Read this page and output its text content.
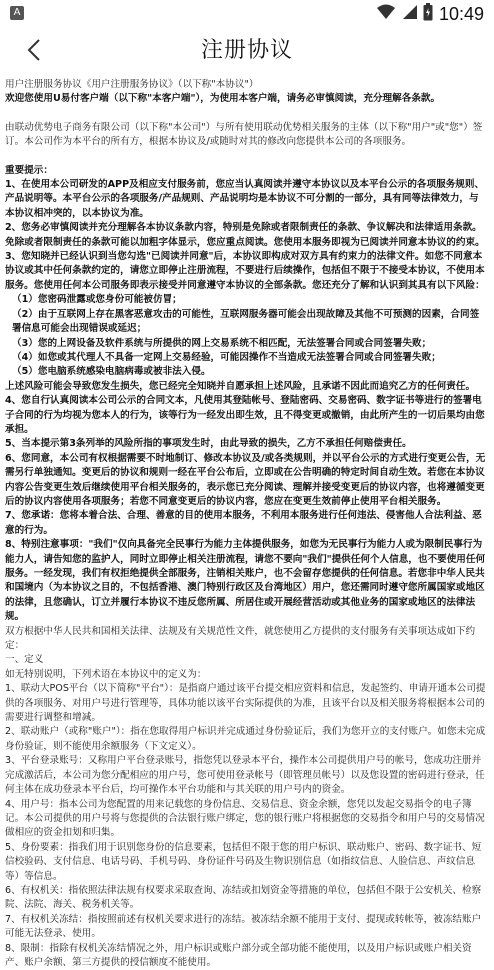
A	10:49
注册协议

用户注册服务协议《用户注册服务协议》（以下称"本协议"）

欢迎您使用U易付客户端（以下称"本客户端"），为使用本客户端，请务必审慎阅读，充分理解各条款。

由联动优势电子商务有限公司（以下称"本公司"）与所有使用联动优势相关服务的主体（以下称"用户"或"您"）签订。本公司作为本平台的所有方，根据本协议及/或随时对其的修改向您提供本公司的各项服务。

重要提示：

1、在使用本公司研发的APP及相应支付服务前，您应当认真阅读并遵守本协议以及本平台公示的各项服务规则、产品说明等。本平台公示的各项服务/产品规则、产品说明均是本协议不可分割的一部分，具有同等法律效力，与本协议相冲突的，以本协议为准。

2、您务必审慎阅读并充分理解各本协议条款内容，特别是免除或者限制责任的条款、争议解决和法律适用条款。免除或者限制责任的条款可能以加粗字体显示，您应重点阅读。您使用本服务即视为已阅读并同意本协议的约束。

3、您知晓并已经认识到当您勾选"已阅读并同意"后，本协议即构成对双方具有约束力的法律文件。如您不同意本协议或其中任何条款约定的，请您立即停止注册流程，不要进行后续操作，包括但不限于不接受本协议，不使用本服务。您使用任何本公司服务即表示接受并同意遵守本协议的全部条款。您还充分了解和认识到其具有以下风险：

（1）您密码泄露或您身份可能被仿冒；

（2）由于互联网上存在黑客恶意攻击的可能性，互联网服务器可能会出现故障及其他不可预测的因素，合同签署信息可能会出现错误或延迟；

（3）您的上网设备及软件系统与所提供的网上交易系统不相匹配，无法签署合同或合同签署失败；

（4）如您或其代理人不具备一定网上交易经验，可能因操作不当造成无法签署合同或合同签署失败；

（5）您电脑系统感染电脑病毒或被非法入侵。

上述风险可能会导致您发生损失，您已经完全知晓并自愿承担上述风险，且承诺不因此而追究乙方的任何责任。

4、您自行认真阅读本公司公示的合同文本，凡使用其登陆帐号、登陆密码、交易密码、数字证书等进行的签署电子合同的行为均视为您本人的行为，该等行为一经发出即生效，且不得变更或撤销，由此所产生的一切后果均由您承担。

5、当本提示第3条列举的风险所指的事项发生时，由此导致的损失，乙方不承担任何赔偿责任。

6、您同意，本公司有权根据需要不时地制订、修改本协议及/或各类规则，并以平台公示的方式进行变更公告，无需另行单独通知。变更后的协议和规则一经在平台公布后，立即或在公告明确的特定时间自动生效。若您在本协议内容公告变更生效后继续使用平台相关服务的，表示您已充分阅读、理解并接受变更后的协议内容，也将遵循变更后的协议内容使用各项服务；若您不同意变更后的协议内容，您应在变更生效前停止使用平台相关服务。

7、您承诺：您将本着合法、合理、善意的目的使用本服务，不利用本服务进行任何违法、侵害他人合法利益、恶意的行为。

8、特别注意事项："我们"仅向具备完全民事行为能力主体提供服务，如您为无民事行为能力人或为限制民事行为能力人，请告知您的监护人，同时立即停止相关注册流程，请您不要向"我们"提供任何个人信息，也不要使用任何服务。一经发现，我们有权拒绝提供全部服务，注销相关账户，也不会留存您提供的任何信息。若您非中华人民共和国境内（为本协议之目的，不包括香港、澳门特别行政区及台湾地区）用户，您还需同时遵守您所属国家或地区的法律，且您确认，订立并履行本协议不违反您所属、所居住或开展经营活动或其他业务的国家或地区的法律法规。

双方根据中华人民共和国相关法律、法规及有关规范性文件，就您使用乙方提供的支付服务有关事项达成如下约定：

一、定义

如无特别说明，下列术语在本协议中的定义为：

1、联动大POS平台（以下简称"平台"）：是指商户通过该平台提交相应资料和信息，发起签约、申请开通本公司提供的各项服务、对用户号进行管理等，具体功能以该平台实际提供的为准，且该平台以及相关服务将根据本公司的需要进行调整和增减。

2、联动账户（或称"账户"）：指在您取得用户标识并完成通过身份验证后，我们为您开立的支付账户。如您未完成身份验证，则不能使用余额服务（下文定义）。

3、平台登录账号：又称用户平台登录账号，指您凭以登录本平台，操作本公司提供用户号的帐号，您成功注册并完成激活后，本公司为您分配相应的用户号，您可使用登录帐号（即管理员帐号）以及您设置的密码进行登录，任何主体在成功登录本平台后，均可操作本平台功能和与其关联的用户号内的资金。

4、用户号：指本公司为您配置的用来记载您的身份信息、交易信息、资金余额，您凭以发起交易指令的电子簿记。本公司提供的用户号将与您提供的合法银行账户绑定，您的银行账户将根据您的交易指令和用户号的交易情况做相应的资金扣划和归集。

5、身份要素：指我们用于识别您身份的信息要素，包括但不限于您的用户标识、联动账户、密码、数字证书、短信校验码、支付信息、电话号码、手机号码、身份证件号码及生物识别信息（如指纹信息、人脸信息、声纹信息等）等信息。

6、有权机关：指依照法律法规有权要求采取查询、冻结或扣划资金等措施的单位，包括但不限于公安机关、检察院、法院、海关、税务机关等。

7、有权机关冻结：指按照前述有权机关要求进行的冻结。被冻结余额不能用于支付、提现或转帐等，被冻结账户可能无法登录、使用。

8、限制：指除有权机关冻结情况之外，用户标识或账户部分或全部功能不能使用，以及用户标识或账户相关资产、账户余额、第三方提供的授信额度不能使用。
